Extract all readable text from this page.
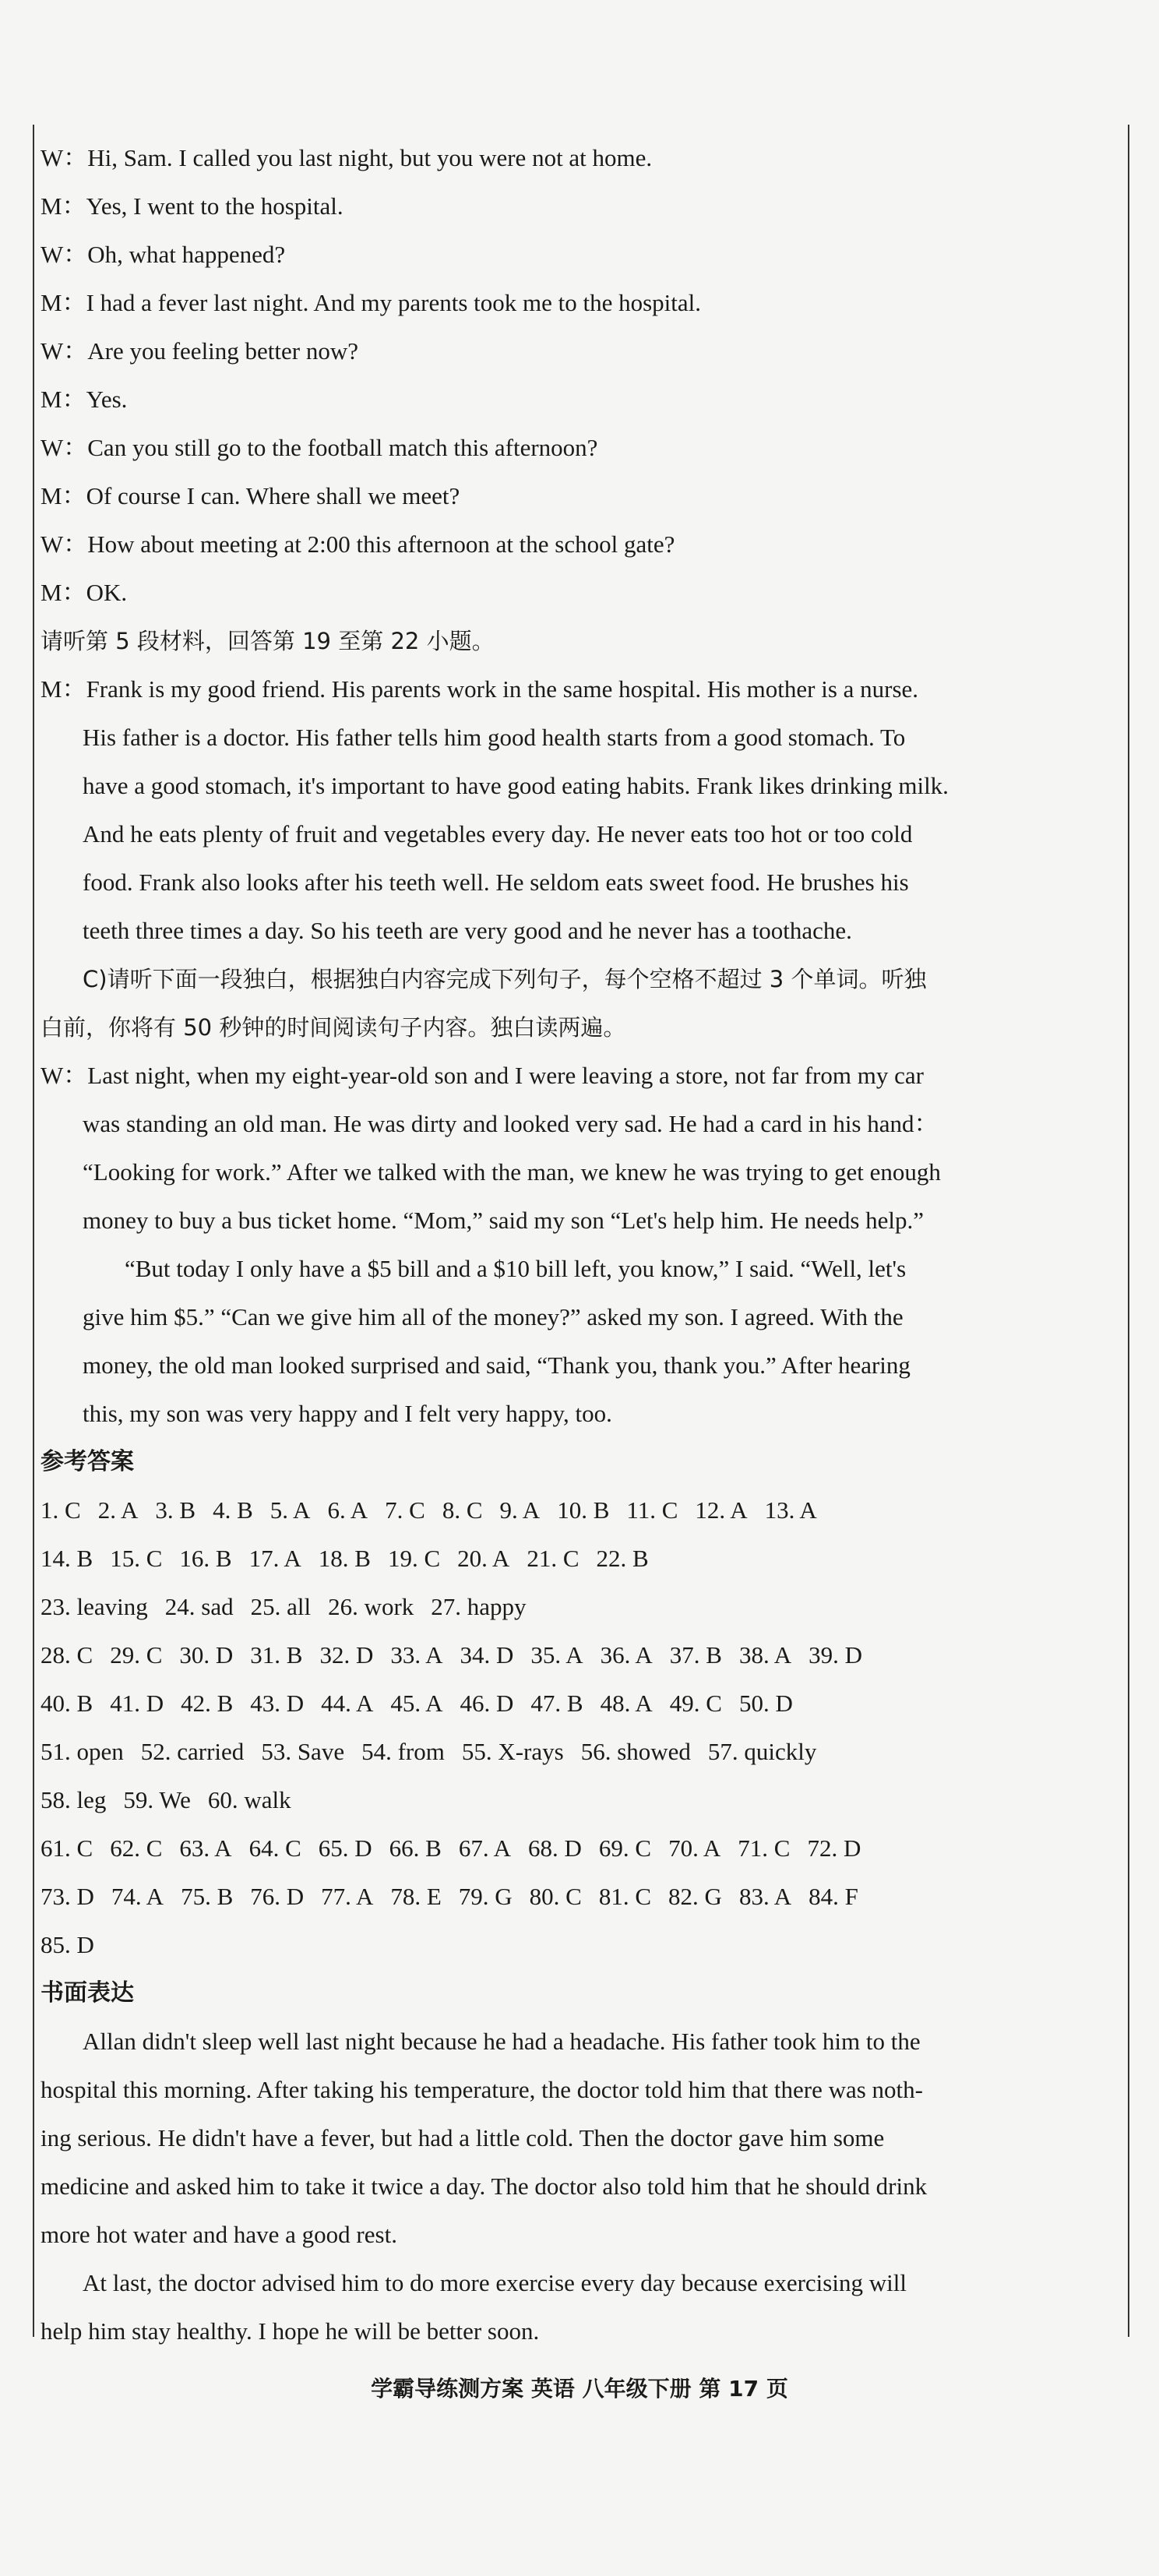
W：Hi, Sam. I called you last night, but you were not at home.
M：Yes, I went to the hospital.
W：Oh, what happened?
M：I had a fever last night. And my parents took me to the hospital.
W：Are you feeling better now?
M：Yes.
W：Can you still go to the football match this afternoon?
M：Of course I can. Where shall we meet?
W：How about meeting at 2:00 this afternoon at the school gate?
M：OK.
请听第 5 段材料，回答第 19 至第 22 小题。
M：Frank is my good friend. His parents work in the same hospital. His mother is a nurse.
His father is a doctor. His father tells him good health starts from a good stomach. To
have a good stomach, it's important to have good eating habits. Frank likes drinking milk.
And he eats plenty of fruit and vegetables every day. He never eats too hot or too cold
food. Frank also looks after his teeth well. He seldom eats sweet food. He brushes his
teeth three times a day. So his teeth are very good and he never has a toothache.
C)请听下面一段独白，根据独白内容完成下列句子，每个空格不超过 3 个单词。听独
白前，你将有 50 秒钟的时间阅读句子内容。独白读两遍。
W：Last night, when my eight-year-old son and I were leaving a store, not far from my car
was standing an old man. He was dirty and looked very sad. He had a card in his hand：
“Looking for work.” After we talked with the man, we knew he was trying to get enough
money to buy a bus ticket home. “Mom,” said my son “Let's help him. He needs help.”
“But today I only have a $5 bill and a $10 bill left, you know,” I said. “Well, let's
give him $5.” “Can we give him all of the money?” asked my son. I agreed. With the
money, the old man looked surprised and said, “Thank you, thank you.” After hearing
this, my son was very happy and I felt very happy, too.
参考答案
1. C 2. A 3. B 4. B 5. A 6. A 7. C 8. C 9. A 10. B 11. C 12. A 13. A
14. B 15. C 16. B 17. A 18. B 19. C 20. A 21. C 22. B
23. leaving 24. sad 25. all 26. work 27. happy
28. C 29. C 30. D 31. B 32. D 33. A 34. D 35. A 36. A 37. B 38. A 39. D
40. B 41. D 42. B 43. D 44. A 45. A 46. D 47. B 48. A 49. C 50. D
51. open 52. carried 53. Save 54. from 55. X-rays 56. showed 57. quickly
58. leg 59. We 60. walk
61. C 62. C 63. A 64. C 65. D 66. B 67. A 68. D 69. C 70. A 71. C 72. D
73. D 74. A 75. B 76. D 77. A 78. E 79. G 80. C 81. C 82. G 83. A 84. F
85. D
书面表达
Allan didn't sleep well last night because he had a headache. His father took him to the
hospital this morning. After taking his temperature, the doctor told him that there was noth-
ing serious. He didn't have a fever, but had a little cold. Then the doctor gave him some
medicine and asked him to take it twice a day. The doctor also told him that he should drink
more hot water and have a good rest.
At last, the doctor advised him to do more exercise every day because exercising will
help him stay healthy. I hope he will be better soon.
学霸导练测方案 英语 八年级下册 第 17 页
